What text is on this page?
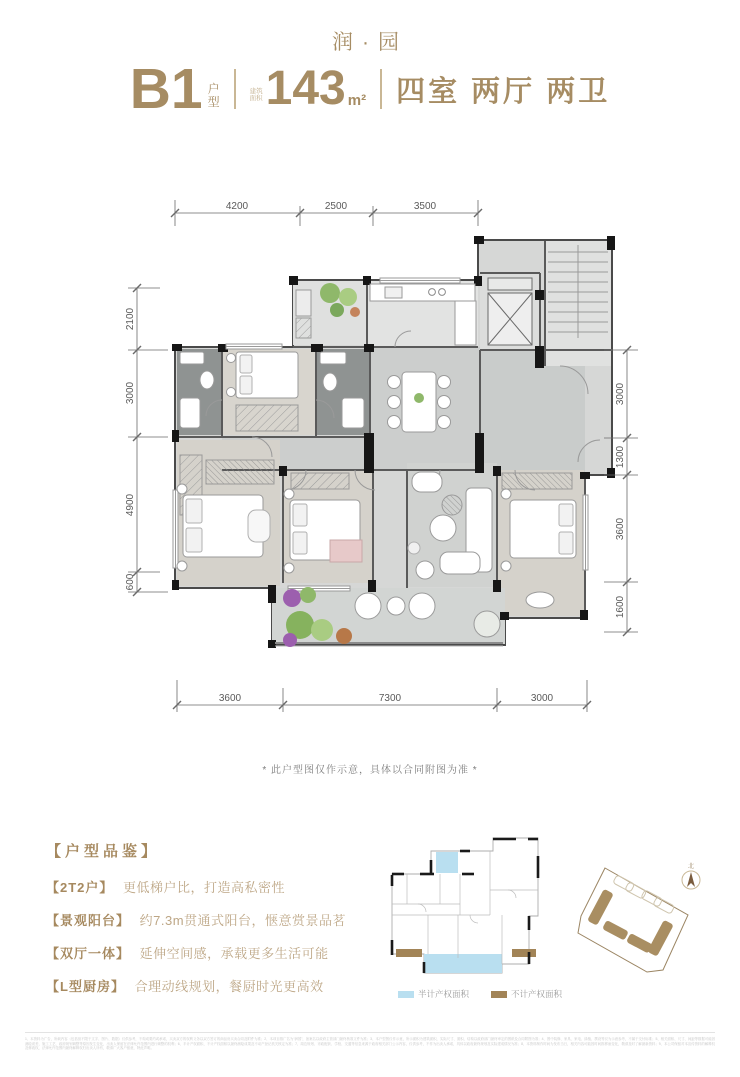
润·园
B1 户
型
建筑
面积 143 m² 四室 两厅 两卫
4200	2500	3500
3600	7300	3000
2100
3000
4900
600
3000
1300
3600
1600
* 此户型图仅作示意，具体以合同附图为准 *
北
【户型品鉴】
【2T2户】 更低梯户比，打造高私密性
【景观阳台】 约7.3m贯通式阳台，惬意赏景品茗
【双厅一体】 延伸空间感，承载更多生活可能
【L型厨房】 合理动线规划，餐厨时光更高效	半计产权面积	不计产权面积
1、本资料为广告，所载内容（包括但不限于文字、图片、数据）仅供参考，不构成要约或承诺，买卖双方的权利义务以双方签订的商品房买卖合同及附件为准；2、本项目推广名为“润园”，备案名以政府主管部门最终核准文件为准；3、本户型图仅作示意，所示面积为建筑面积，实际尺寸、面积、结构以政府部门最终审定的图纸及合同附图为准；4、图中装修、家具、家电、绿植、摆设等仅为示意参考，不属于交付标准；5、相关面积、尺寸、间距等数据可能因测绘误差、施工工艺、政府规划调整等原因发生变化，出卖人保留在法律允许范围内进行调整的权利；6、半计产权面积、不计产权面积以最终测绘成果及不动产登记机关核定为准；7、周边规划、市政配套、学校、交通等信息来源于政府相关部门公示内容，仅供参考，不作为出卖人承诺，具体以政府最终规划及实际建成情况为准；8、本资料制作时间为发布当日，相关内容可能因时间推移而变化，敬请及时了解最新资料；9、本公司保留对本宣传资料的解释权及修改权，法律允许范围内最终解释权归出卖人所有，敬请广大客户留意，特此声明。
